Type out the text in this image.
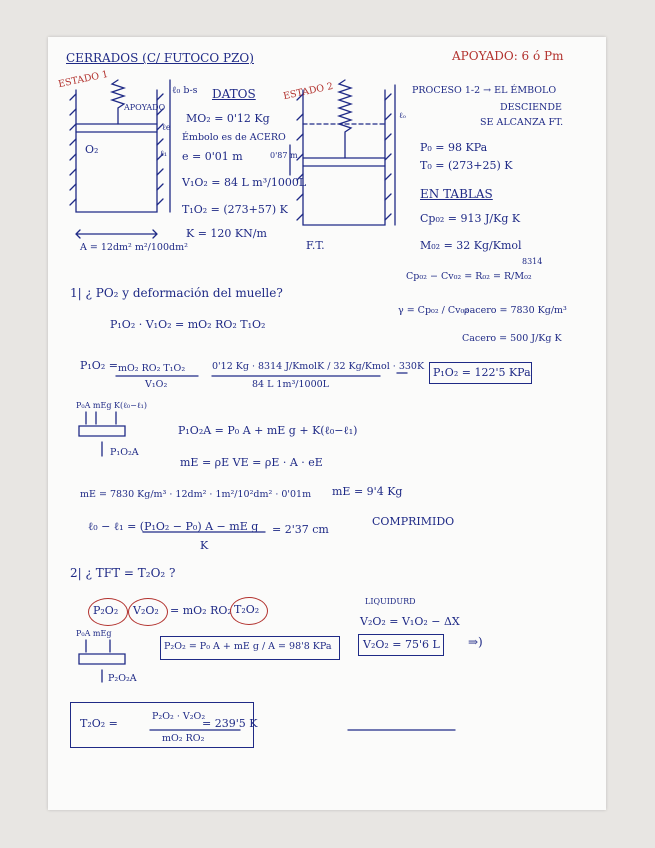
CERRADOS (C/ FUTOCO PZO)	APOYADO: 6 ó Pm
ESTADO 1
APOYADO
O₂
ℓ₀ b-s
ℓ₁
ℓe
A = 12dm² m²/100dm²
DATOS
MO₂ = 0'12 Kg
Émbolo es de ACERO
e = 0'01 m
V₁O₂ = 84 L m³/1000L
T₁O₂ = (273+57) K
K = 120 KN/m
ESTADO 2
ℓₒ
0'87 m
F.T.
PROCESO 1-2 → EL ÉMBOLO
DESCIENDE
SE ALCANZA FT.
P₀ = 98 KPa
T₀ = (273+25) K
EN TABLAS
Cp₀₂ = 913 J/Kg K
M₀₂ = 32 Kg/Kmol
8314
Cp₀₂ − Cv₀₂ = R₀₂ = R/M₀₂
γ = Cp₀₂ / Cv₀₂
ρacero = 7830 Kg/m³
Cacero = 500 J/Kg K
1| ¿ PO₂ y deformación del muelle?
P₁O₂ · V₁O₂ = mO₂ RO₂ T₁O₂
P₁O₂ = mO₂ RO₂ T₁O₂
V₁O₂
0'12 Kg · 8314 J/KmolK / 32 Kg/Kmol · 330K
84 L 1m³/1000L
P₁O₂ = 122'5 KPa
P₀A mEg K(ℓ₀−ℓ₁)
P₁O₂A
P₁O₂A = P₀ A + mE g + K(ℓ₀−ℓ₁)
mE = ρE VE = ρE · A · eE
mE = 7830 Kg/m³ · 12dm² · 1m²/10²dm² · 0'01m mE = 9'4 Kg
ℓ₀ − ℓ₁ = (P₁O₂ − P₀) A − mE g
K
= 2'37 cm
COMPRIMIDO
2| ¿ TFT = T₂O₂ ?
P₂O₂ V₂O₂ = mO₂ RO₂ T₂O₂
P₀A mEg
P₂O₂A
P₂O₂ = P₀ A + mE g / A = 98'8 KPa
LIQUIDURD
V₂O₂ = V₁O₂ − ΔX
V₂O₂ = 75'6 L ⇒)
T₂O₂ =
P₂O₂ · V₂O₂
mO₂ RO₂
= 239'5 K
